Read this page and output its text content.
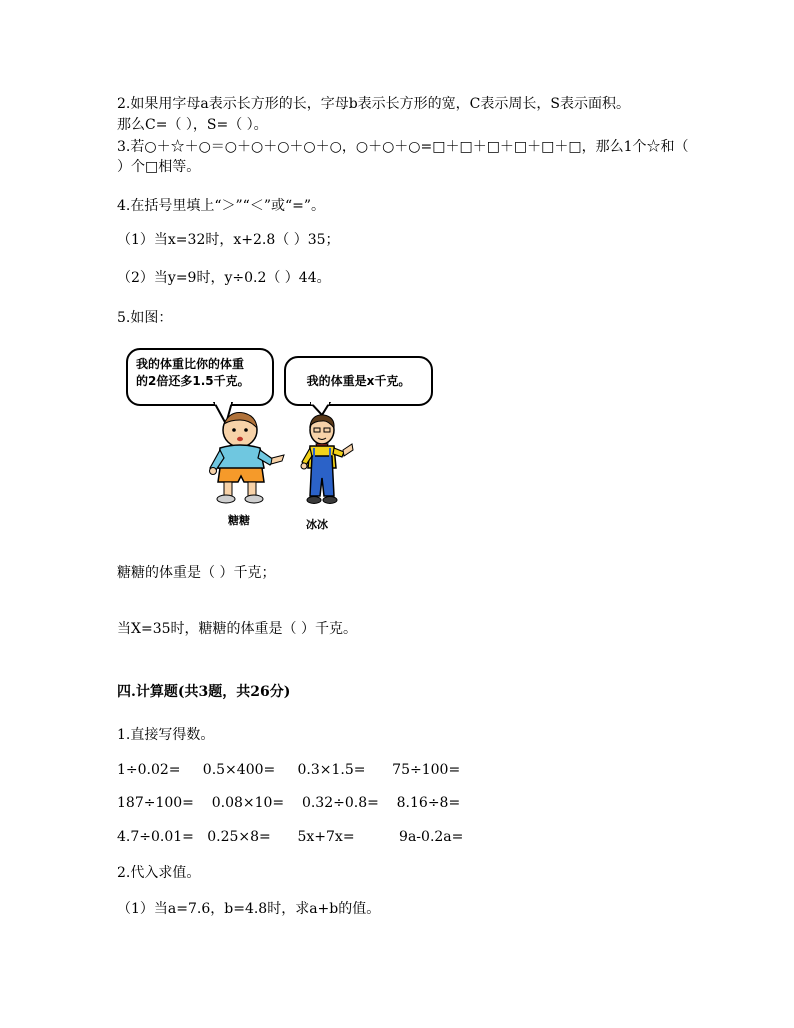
2.如果用字母a表示长方形的长，字母b表示长方形的宽，C表示周长，S表示面积。
那么C=（ ），S=（ ）。
3.若○＋☆＋○＝○＋○＋○＋○＋○，○＋○＋○=□＋□＋□＋□＋□＋□，那么1个☆和（
）个□相等。
4.在括号里填上“＞”“＜”或“=”。
（1）当x=32时，x+2.8（ ）35；
（2）当y=9时，y÷0.2（ ）44。
5.如图：
我的体重比你的体重
的2倍还多1.5千克。	我的体重是x千克。
糖糖	冰冰
糖糖的体重是（ ）千克；
当X=35时，糖糖的体重是（ ）千克。
四.计算题(共3题，共26分)
1.直接写得数。
1÷0.02=     0.5×400=     0.3×1.5=      75÷100=
187÷100=    0.08×10=    0.32÷0.8=    8.16÷8=
4.7÷0.01=   0.25×8=      5x+7x=          9a-0.2a=
2.代入求值。
（1）当a=7.6，b=4.8时，求a+b的值。
